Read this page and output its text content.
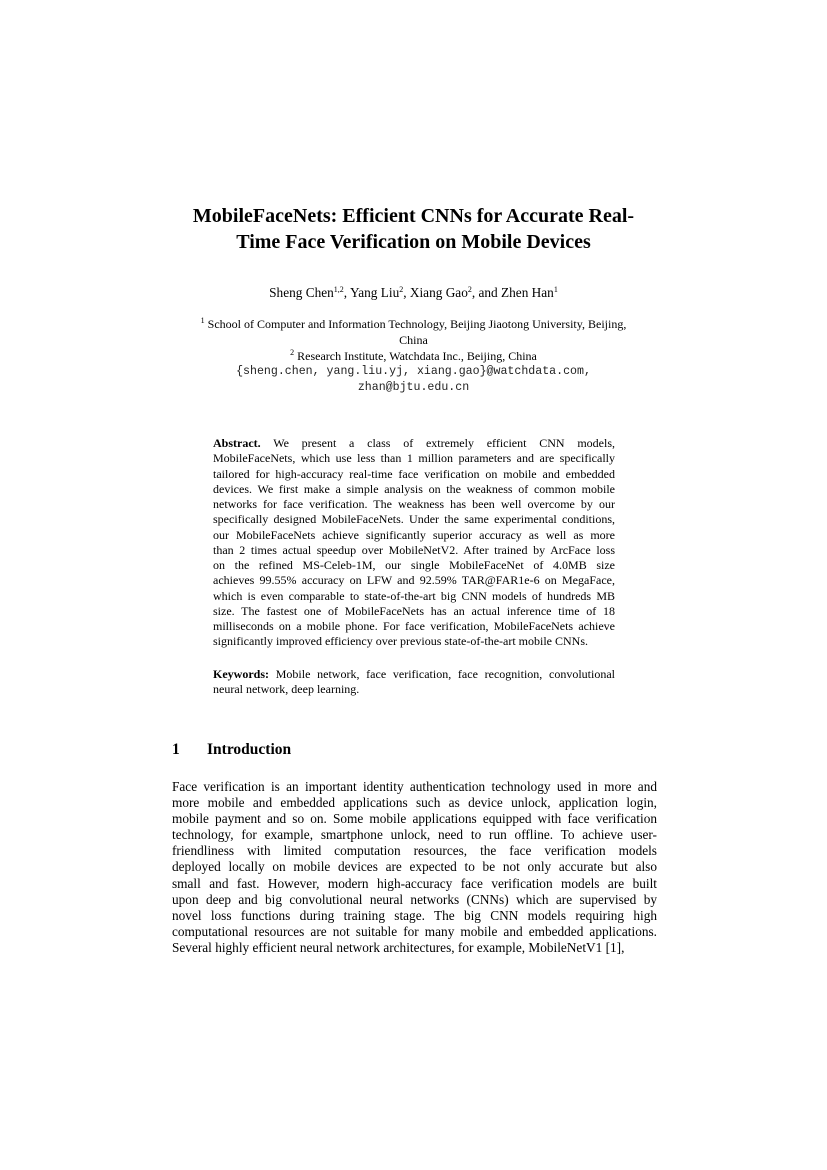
MobileFaceNets: Efficient CNNs for Accurate Real-
Time Face Verification on Mobile Devices
Sheng Chen$^{1,2}$, Yang Liu$^2$, Xiang Gao$^2$, and Zhen Han$^1$
$^1$ School of Computer and Information Technology, Beijing Jiaotong University, Beijing,
China
$^2$ Research Institute, Watchdata Inc., Beijing, China
{sheng.chen, yang.liu.yj, xiang.gao}@watchdata.com,
zhan@bjtu.edu.cn
Abstract. We present a class of extremely efficient CNN models,
MobileFaceNets, which use less than 1 million parameters and are specifically
tailored for high-accuracy real-time face verification on mobile and embedded
devices. We first make a simple analysis on the weakness of common mobile
networks for face verification. The weakness has been well overcome by our
specifically designed MobileFaceNets. Under the same experimental conditions,
our MobileFaceNets achieve significantly superior accuracy as well as more
than 2 times actual speedup over MobileNetV2. After trained by ArcFace loss
on the refined MS-Celeb-1M, our single MobileFaceNet of 4.0MB size
achieves 99.55% accuracy on LFW and 92.59% TAR@FAR1e-6 on MegaFace,
which is even comparable to state-of-the-art big CNN models of hundreds MB
size. The fastest one of MobileFaceNets has an actual inference time of 18
milliseconds on a mobile phone. For face verification, MobileFaceNets achieve
significantly improved efficiency over previous state-of-the-art mobile CNNs.
Keywords: Mobile network, face verification, face recognition, convolutional
neural network, deep learning.
1 Introduction
Face verification is an important identity authentication technology used in more and
more mobile and embedded applications such as device unlock, application login,
mobile payment and so on. Some mobile applications equipped with face verification
technology, for example, smartphone unlock, need to run offline. To achieve user-
friendliness with limited computation resources, the face verification models
deployed locally on mobile devices are expected to be not only accurate but also
small and fast. However, modern high-accuracy face verification models are built
upon deep and big convolutional neural networks (CNNs) which are supervised by
novel loss functions during training stage. The big CNN models requiring high
computational resources are not suitable for many mobile and embedded applications.
Several highly efficient neural network architectures, for example, MobileNetV1 [1],
